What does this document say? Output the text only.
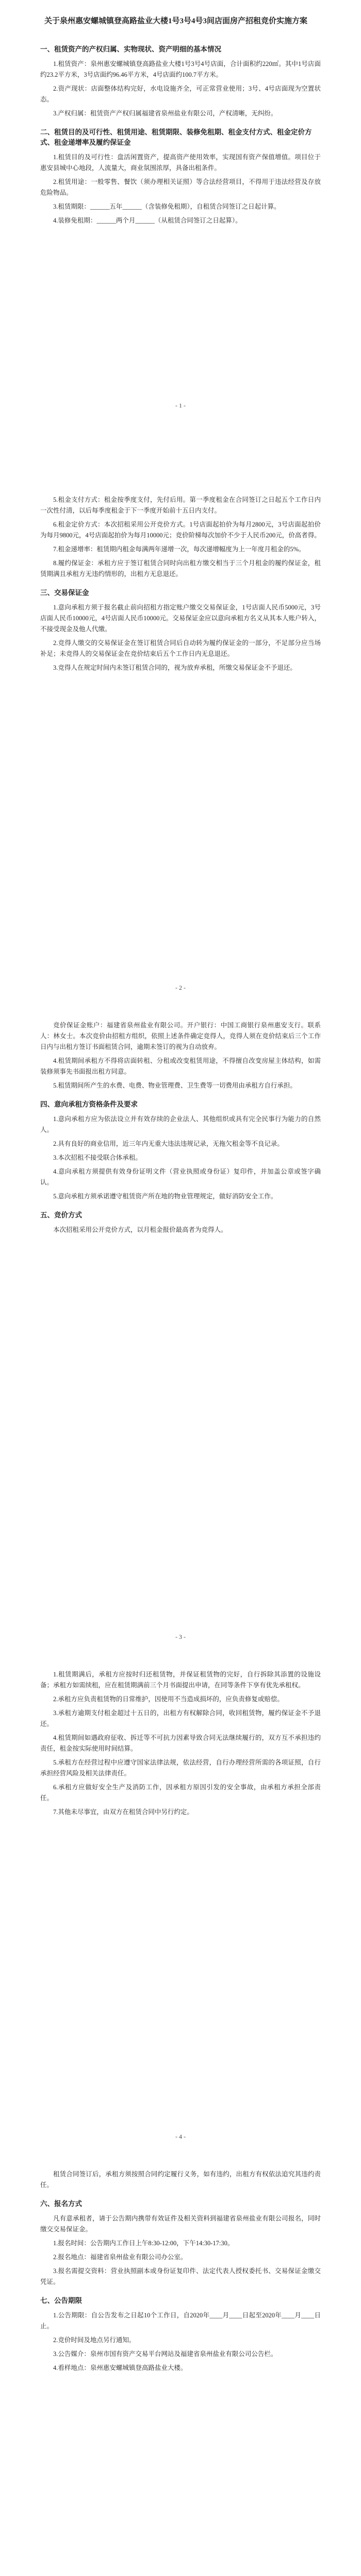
关于泉州惠安螺城镇登高路盐业大楼1号3号4号3间店面房产招租竞价实施方案
一、租赁资产的产权归属、实物现状、资产明细的基本情况
1.租赁资产：泉州惠安螺城镇登高路盐业大楼1号3号4号店面，合计面积约220㎡。其中1号店面约23.2平方米，3号店面约96.46平方米，4号店面约100.7平方米。
2.资产现状：店面整体结构完好，水电设施齐全，可正常营业使用；3号、4号店面现为空置状态。
3.产权归属：租赁资产产权归属福建省泉州盐业有限公司，产权清晰，无纠纷。
二、租赁目的及可行性、租赁用途、租赁期限、装修免租期、租金支付方式、租金定价方式、租金递增率及履约保证金
1.租赁目的及可行性：盘活闲置资产，提高资产使用效率，实现国有资产保值增值。项目位于惠安县城中心地段，人流量大，商业氛围浓厚，具备出租条件。
2.租赁用途：一般零售、餐饮（须办理相关证照）等合法经营项目，不得用于违法经营及存放危险物品。
3.租赁期限：______五年______（含装修免租期），自租赁合同签订之日起计算。
4.装修免租期：______两个月______（从租赁合同签订之日起算）。
- 1 -
5.租金支付方式：租金按季度支付，先付后用。第一季度租金在合同签订之日起五个工作日内一次性付清，以后每季度租金于下一季度开始前十五日内支付。
6.租金定价方式：本次招租采用公开竞价方式。1号店面起拍价为每月2800元，3号店面起拍价为每月9800元，4号店面起拍价为每月10000元；竞价阶梯每次加价不少于人民币200元，价高者得。
7.租金递增率：租赁期内租金每满两年递增一次，每次递增幅度为上一年度月租金的5%。
8.履约保证金：承租方应于签订租赁合同时向出租方缴交相当于三个月租金的履约保证金，租赁期满且承租方无违约情形的，出租方无息退还。
三、交易保证金
1.意向承租方须于报名截止前向招租方指定账户缴交交易保证金，1号店面人民币5000元，3号店面人民币10000元，4号店面人民币10000元。交易保证金应以意向承租方名义从其本人账户转入，不接受现金及他人代缴。
2.竞得人缴交的交易保证金在签订租赁合同后自动转为履约保证金的一部分，不足部分应当场补足；未竞得人的交易保证金在竞价结束后五个工作日内无息退还。
3.竞得人在规定时间内未签订租赁合同的，视为放弃承租，所缴交易保证金不予退还。
- 2 -
竞价保证金账户：福建省泉州盐业有限公司。开户银行：中国工商银行泉州惠安支行。联系人：林女士。本次竞价由招租方组织，依照上述条件确定竞得人，竞得人须在竞价结束后三个工作日内与出租方签订书面租赁合同，逾期未签订的视为自动放弃。
4.租赁期间承租方不得将店面转租、分租或改变租赁用途，不得擅自改变房屋主体结构，如需装修须事先书面报出租方同意。
5.租赁期间所产生的水费、电费、物业管理费、卫生费等一切费用由承租方自行承担。
四、意向承租方资格条件及要求
1.意向承租方应为依法设立并有效存续的企业法人、其他组织或具有完全民事行为能力的自然人。
2.具有良好的商业信用，近三年内无重大违法违规记录，无拖欠租金等不良记录。
3.本次招租不接受联合体承租。
4.意向承租方须提供有效身份证明文件（营业执照或身份证）复印件，并加盖公章或签字确认。
5.意向承租方须承诺遵守租赁资产所在地的物业管理规定，做好消防安全工作。
五、竞价方式
本次招租采用公开竞价方式，以月租金报价最高者为竞得人。
- 3 -
1.租赁期满后，承租方应按时归还租赁物，并保证租赁物的完好，自行拆除其添置的设施设备；承租方如需续租，应在租赁期满前三个月书面提出申请，在同等条件下享有优先承租权。
2.承租方应负责租赁物的日常维护，因使用不当造成损坏的，应负责修复或赔偿。
3.承租方逾期支付租金超过十五日的，出租方有权解除合同，收回租赁物，履约保证金不予退还。
4.租赁期间如遇政府征收、拆迁等不可抗力因素导致合同无法继续履行的，双方互不承担违约责任，租金按实际使用时间结算。
5.承租方在经营过程中应遵守国家法律法规，依法经营，自行办理经营所需的各项证照，自行承担经营风险及相关法律责任。
6.承租方应做好安全生产及消防工作，因承租方原因引发的安全事故，由承租方承担全部责任。
7.其他未尽事宜，由双方在租赁合同中另行约定。
- 4 -
租赁合同签订后，承租方须按照合同约定履行义务，如有违约，出租方有权依法追究其违约责任。
六、报名方式
凡有意承租者，请于公告期内携带有效证件及相关资料到福建省泉州盐业有限公司报名，同时缴交交易保证金。
1.报名时间：公告期内工作日上午8:30-12:00，下午14:30-17:30。
2.报名地点：福建省泉州盐业有限公司办公室。
3.报名需提交资料：营业执照副本或身份证复印件、法定代表人授权委托书、交易保证金缴交凭证。
七、公告期限
1.公告期限：自公告发布之日起10个工作日，自2020年____月____日起至2020年____月____日止。
2.竞价时间及地点另行通知。
3.公告媒介：泉州市国有资产交易平台网站及福建省泉州盐业有限公司公告栏。
4.看样地点：泉州惠安螺城镇登高路盐业大楼。
